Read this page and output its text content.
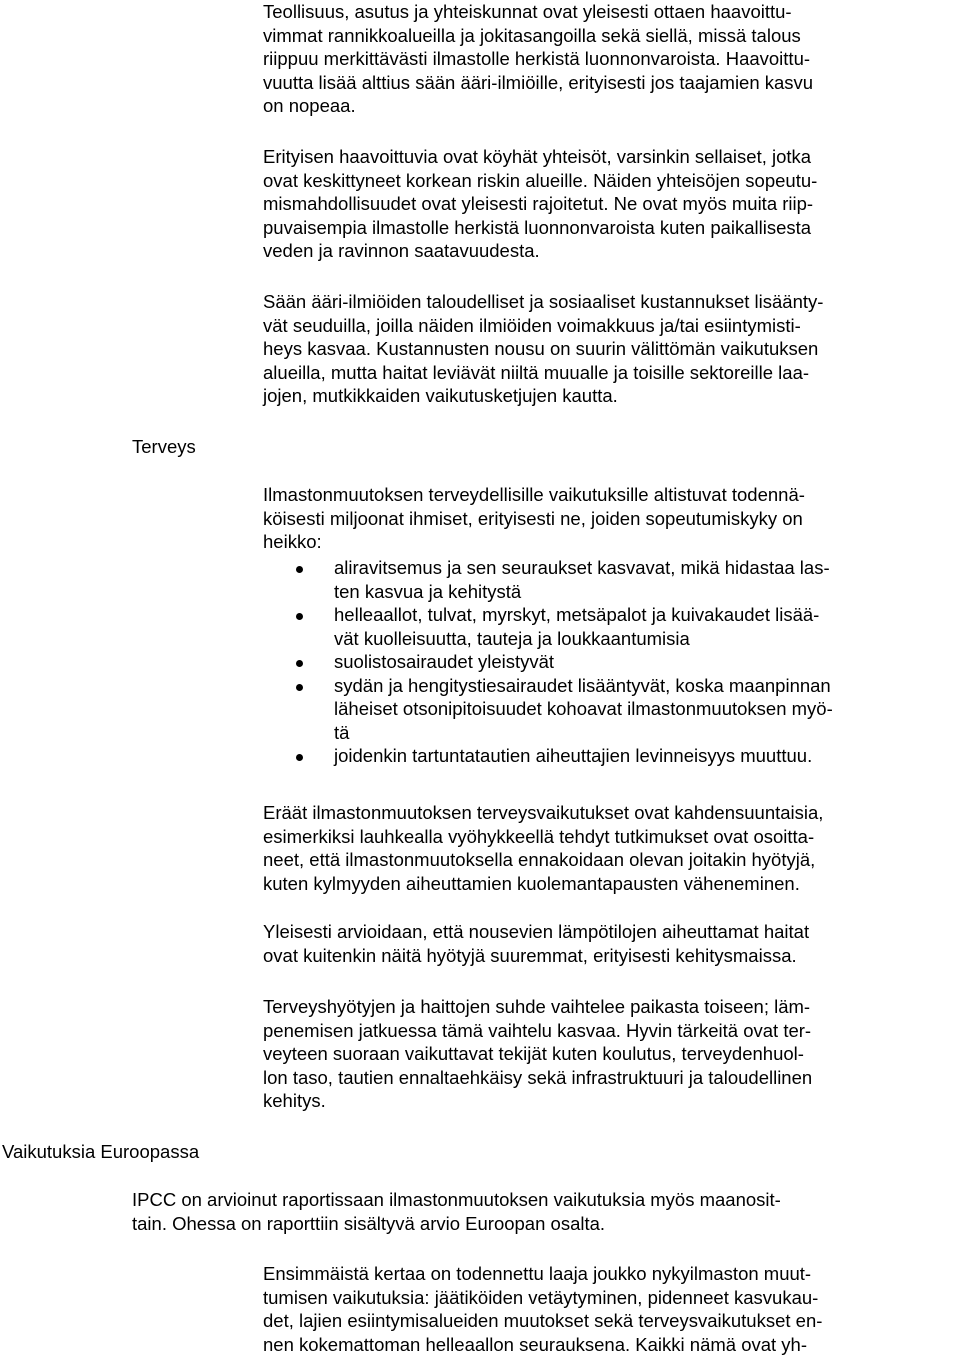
Teollisuus, asutus ja yhteiskunnat ovat yleisesti ottaen haavoittu-
vimmat rannikkoalueilla ja jokitasangoilla sekä siellä, missä talous
riippuu merkittävästi ilmastolle herkistä luonnonvaroista. Haavoittu-
vuutta lisää alttius sään ääri-ilmiöille, erityisesti jos taajamien kasvu
on nopeaa.

Erityisen haavoittuvia ovat köyhät yhteisöt, varsinkin sellaiset, jotka
ovat keskittyneet korkean riskin alueille. Näiden yhteisöjen sopeutu-
mismahdollisuudet ovat yleisesti rajoitetut. Ne ovat myös muita riip-
puvaisempia ilmastolle herkistä luonnonvaroista kuten paikallisesta
veden ja ravinnon saatavuudesta.

Sään ääri-ilmiöiden taloudelliset ja sosiaaliset kustannukset lisäänty-
vät seuduilla, joilla näiden ilmiöiden voimakkuus ja/tai esiintymisti-
heys kasvaa. Kustannusten nousu on suurin välittömän vaikutuksen
alueilla, mutta haitat leviävät niiltä muualle ja toisille sektoreille laa-
jojen, mutkikkaiden vaikutusketjujen kautta.

Terveys

Ilmastonmuutoksen terveydellisille vaikutuksille altistuvat todennä-
köisesti miljoonat ihmiset, erityisesti ne, joiden sopeutumiskyky on
heikko:

aliravitsemus ja sen seuraukset kasvavat, mikä hidastaa las-
ten kasvua ja kehitystä
helleaallot, tulvat, myrskyt, metsäpalot ja kuivakaudet lisää-
vät kuolleisuutta, tauteja ja loukkaantumisia
suolistosairaudet yleistyvät
sydän ja hengitystiesairaudet lisääntyvät, koska maanpinnan
läheiset otsonipitoisuudet kohoavat ilmastonmuutoksen myö-
tä
joidenkin tartuntatautien aiheuttajien levinneisyys muuttuu.

Eräät ilmastonmuutoksen terveysvaikutukset ovat kahdensuuntaisia,
esimerkiksi lauhkealla vyöhykkeellä tehdyt tutkimukset ovat osoitta-
neet, että ilmastonmuutoksella ennakoidaan olevan joitakin hyötyjä,
kuten kylmyyden aiheuttamien kuolemantapausten väheneminen.

Yleisesti arvioidaan, että nousevien lämpötilojen aiheuttamat haitat
ovat kuitenkin näitä hyötyjä suuremmat, erityisesti kehitysmaissa.

Terveyshyötyjen ja haittojen suhde vaihtelee paikasta toiseen; läm-
penemisen jatkuessa tämä vaihtelu kasvaa. Hyvin tärkeitä ovat ter-
veyteen suoraan vaikuttavat tekijät kuten koulutus, terveydenhuol-
lon taso, tautien ennaltaehkäisy sekä infrastruktuuri ja taloudellinen
kehitys.

Vaikutuksia Euroopassa

IPCC on arvioinut raportissaan ilmastonmuutoksen vaikutuksia myös maanosit-
tain. Ohessa on raporttiin sisältyvä arvio Euroopan osalta.

Ensimmäistä kertaa on todennettu laaja joukko nykyilmaston muut-
tumisen vaikutuksia: jäätiköiden vetäytyminen, pidenneet kasvukau-
det, lajien esiintymisalueiden muutokset sekä terveysvaikutukset en-
nen kokemattoman helleaallon seurauksena. Kaikki nämä ovat yh-
